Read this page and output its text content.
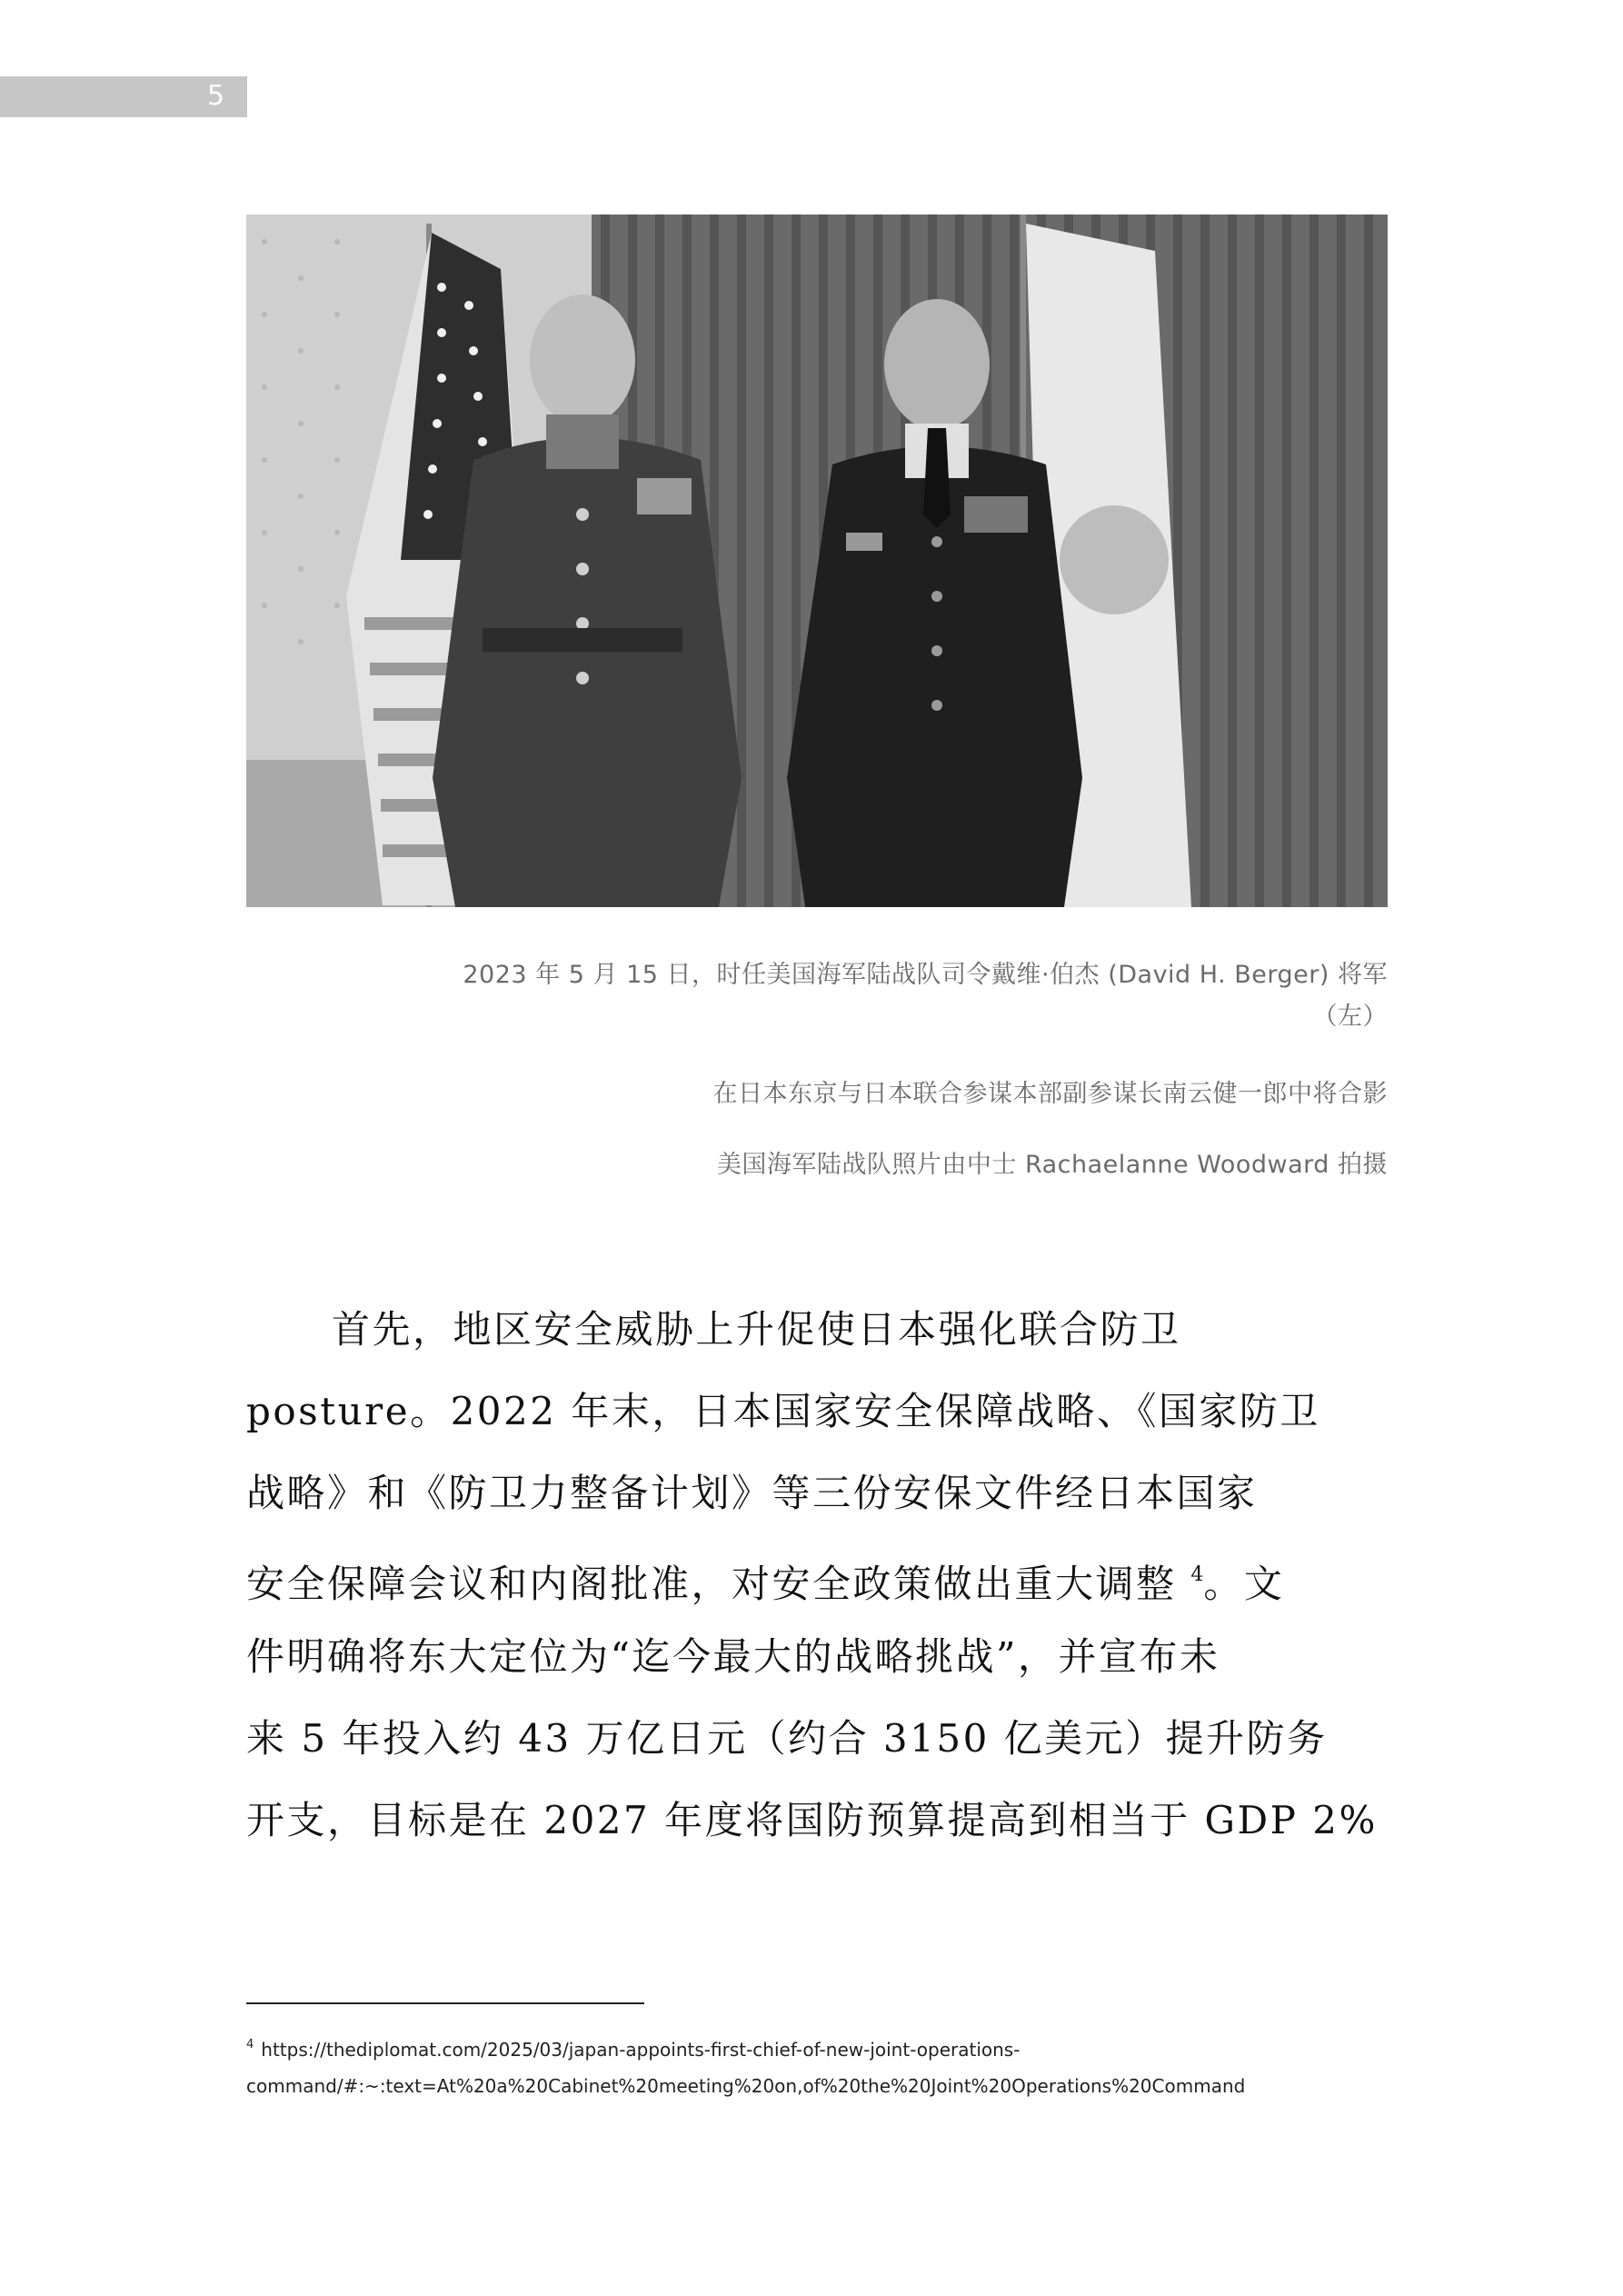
5
2023 年 5 月 15 日，时任美国海军陆战队司令戴维·伯杰 (David H. Berger) 将军
（左）
在日本东京与日本联合参谋本部副参谋长南云健一郎中将合影
美国海军陆战队照片由中士 Rachaelanne Woodward 拍摄
首先，地区安全威胁上升促使日本强化联合防卫
posture。2022 年末，日本国家安全保障战略、《国家防卫
战略》和《防卫力整备计划》等三份安保文件经日本国家
安全保障会议和内阁批准，对安全政策做出重大调整 $^4$。文
件明确将东大定位为“迄今最大的战略挑战”，并宣布未
来 5 年投入约 43 万亿日元（约合 3150 亿美元）提升防务
开支，目标是在 2027 年度将国防预算提高到相当于 GDP 2%
$^4$ https://thediplomat.com/2025/03/japan-appoints-first-chief-of-new-joint-operations-
command/#:~:text=At%20a%20Cabinet%20meeting%20on,of%20the%20Joint%20Operations%20Command
